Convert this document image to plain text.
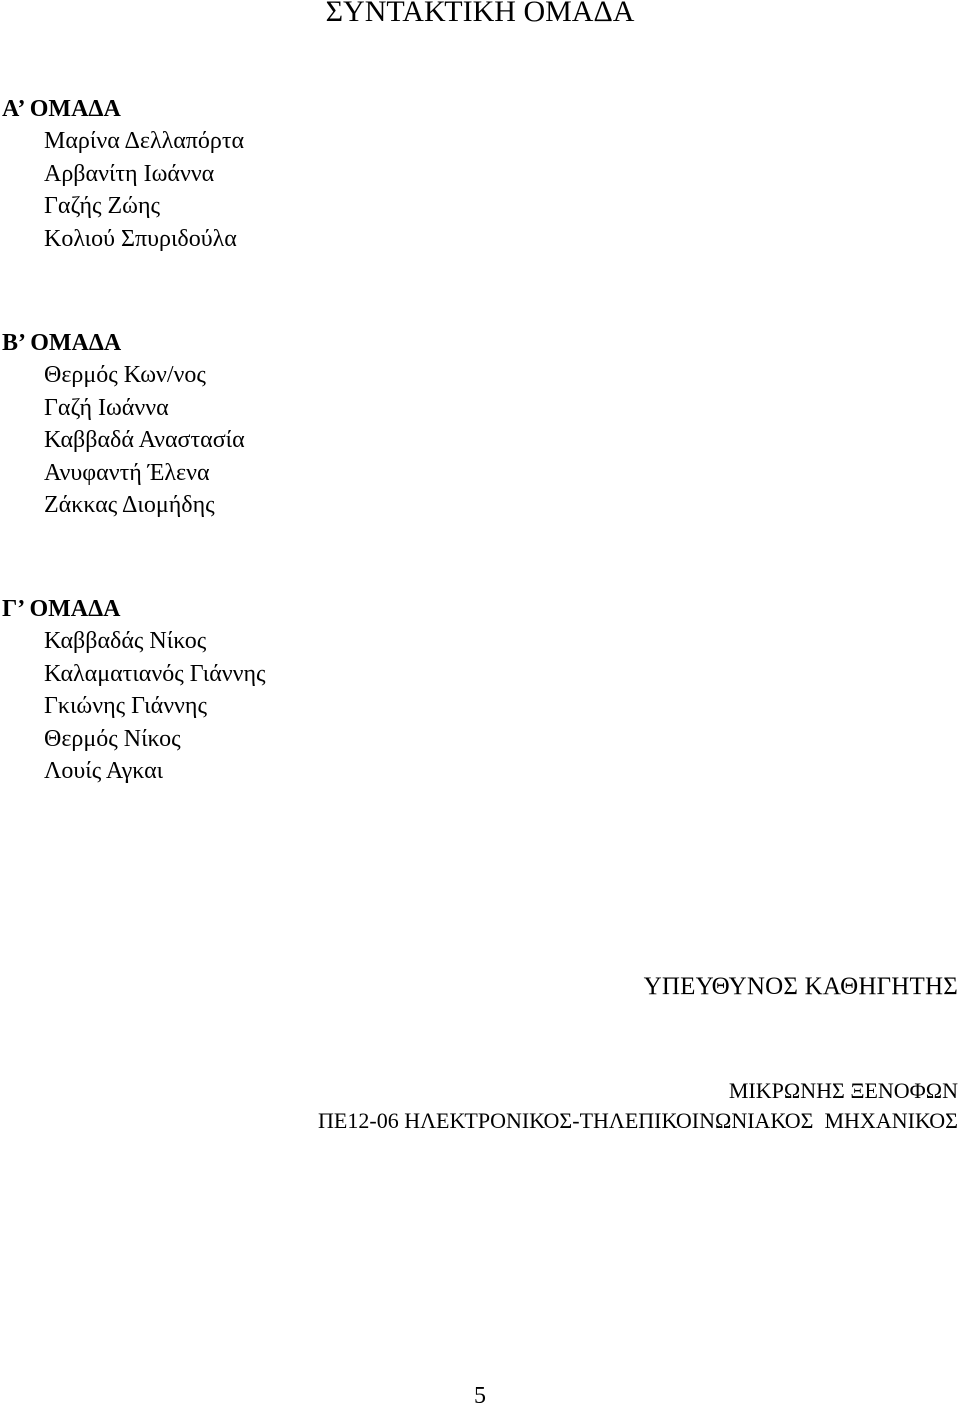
ΣΥΝΤΑΚΤΙΚΗ ΟΜΑΔΑ
Α’ ΟΜΑΔΑ
Μαρίνα Δελλαπόρτα
Αρβανίτη Ιωάννα
Γαζής Ζώης
Κολιού Σπυριδούλα
Β’ ΟΜΑΔΑ
Θερμός Κων/νος
Γαζή Ιωάννα
Καββαδά Αναστασία
Ανυφαντή Έλενα
Ζάκκας Διομήδης
Γ’ ΟΜΑΔΑ
Καββαδάς Νίκος
Καλαματιανός Γιάννης
Γκιώνης Γιάννης
Θερμός Νίκος
Λουίς Αγκαι
ΥΠΕΥΘΥΝΟΣ ΚΑΘΗΓΗΤΗΣ
ΜΙΚΡΩΝΗΣ ΞΕΝΟΦΩΝ
ΠΕ12-06 ΗΛΕΚΤΡΟΝΙΚΟΣ-ΤΗΛΕΠΙΚΟΙΝΩΝΙΑΚΟΣ  ΜΗΧΑΝΙΚΟΣ
5
